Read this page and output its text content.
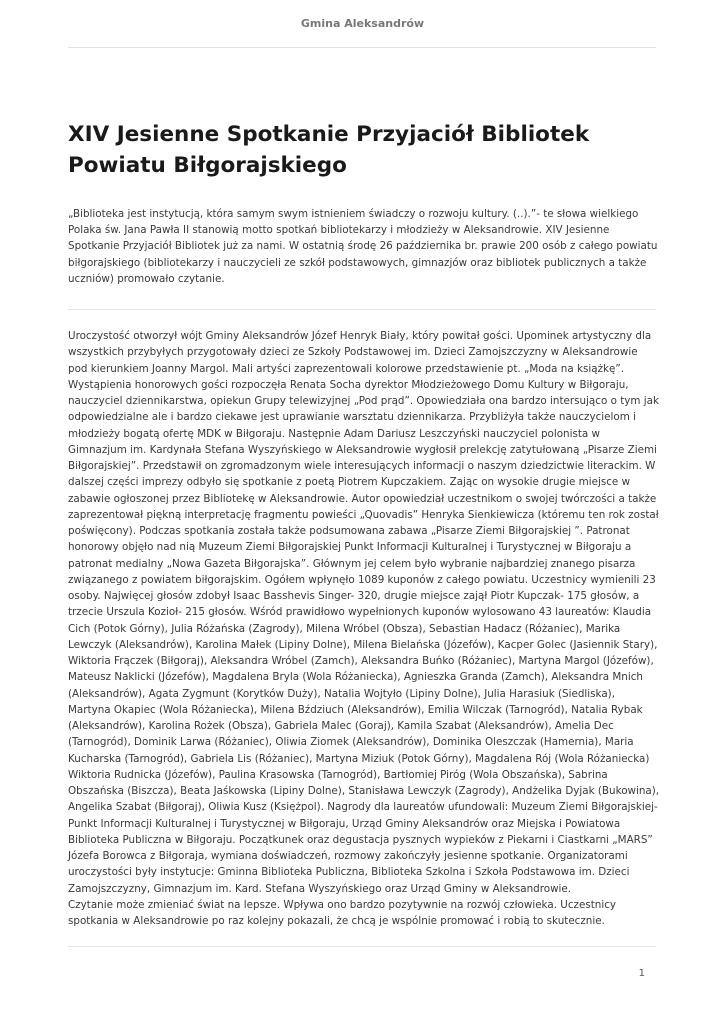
Gmina Aleksandrów
XIV Jesienne Spotkanie Przyjaciół Bibliotek Powiatu Biłgorajskiego

„Biblioteka jest instytucją, która samym swym istnieniem świadczy o rozwoju kultury. (..).”- te słowa wielkiego Polaka św. Jana Pawła II stanowią motto spotkań bibliotekarzy i młodzieży w Aleksandrowie. XIV Jesienne Spotkanie Przyjaciół Bibliotek już za nami. W ostatnią środę 26 października br. prawie 200 osób z całego powiatu biłgorajskiego (bibliotekarzy i nauczycieli ze szkół podstawowych, gimnazjów oraz bibliotek publicznych a także uczniów) promowało czytanie.

Uroczystość otworzył wójt Gminy Aleksandrów Józef Henryk Biały, który powitał gości. Upominek artystyczny dla wszystkich przybyłych przygotowały dzieci ze Szkoły Podstawowej im. Dzieci Zamojszczyzny w Aleksandrowie pod kierunkiem Joanny Margol. Mali artyści zaprezentowali kolorowe przedstawienie pt. „Moda na książkę”. Wystąpienia honorowych gości rozpoczęła Renata Socha dyrektor Młodzieżowego Domu Kultury w Biłgoraju, nauczyciel dziennikarstwa, opiekun Grupy telewizyjnej „Pod prąd”. Opowiedziała ona bardzo intersująco o tym jak odpowiedzialne ale i bardzo ciekawe jest uprawianie warsztatu dziennikarza. Przybliżyła także nauczycielom i młodzieży bogatą ofertę MDK w Biłgoraju. Następnie Adam Dariusz Leszczyński nauczyciel polonista w Gimnazjum im. Kardynała Stefana Wyszyńskiego w Aleksandrowie wygłosił prelekcję zatytułowaną „Pisarze Ziemi Biłgorajskiej”. Przedstawił on zgromadzonym wiele interesujących informacji o naszym dziedzictwie literackim. W dalszej części imprezy odbyło się spotkanie z poetą Piotrem Kupczakiem. Zając on wysokie drugie miejsce w zabawie ogłoszonej przez Bibliotekę w Aleksandrowie. Autor opowiedział uczestnikom o swojej twórczości a także zaprezentował piękną interpretację fragmentu powieści „Quovadis” Henryka Sienkiewicza (któremu ten rok został poświęcony). Podczas spotkania została także podsumowana zabawa „Pisarze Ziemi Biłgorajskiej ”. Patronat honorowy objęło nad nią Muzeum Ziemi Biłgorajskiej Punkt Informacji Kulturalnej i Turystycznej w Biłgoraju a patronat medialny „Nowa Gazeta Biłgorajska”. Głównym jej celem było wybranie najbardziej znanego pisarza związanego z powiatem biłgorajskim. Ogółem wpłynęło 1089 kuponów z całego powiatu. Uczestnicy wymienili 23 osoby. Najwięcej głosów zdobył Isaac Basshevis Singer- 320, drugie miejsce zajął Piotr Kupczak- 175 głosów, a trzecie Urszula Kozioł- 215 głosów. Wśród prawidłowo wypełnionych kuponów wylosowano 43 laureatów: Klaudia Cich (Potok Górny), Julia Różańska (Zagrody), Milena Wróbel (Obsza), Sebastian Hadacz (Różaniec), Marika Lewczyk (Aleksandrów), Karolina Małek (Lipiny Dolne), Milena Bielańska (Józefów), Kacper Golec (Jasiennik Stary), Wiktoria Frączek (Biłgoraj), Aleksandra Wróbel (Zamch), Aleksandra Buńko (Różaniec), Martyna Margol (Józefów), Mateusz Naklicki (Józefów), Magdalena Bryla (Wola Różaniecka), Agnieszka Granda (Zamch), Aleksandra Mnich (Aleksandrów), Agata Zygmunt (Korytków Duży), Natalia Wojtyło (Lipiny Dolne), Julia Harasiuk (Siedliska), Martyna Okapiec (Wola Różaniecka), Milena Bździuch (Aleksandrów), Emilia Wilczak (Tarnogród), Natalia Rybak (Aleksandrów), Karolina Rożek (Obsza), Gabriela Malec (Goraj), Kamila Szabat (Aleksandrów), Amelia Dec (Tarnogród), Dominik Larwa (Różaniec), Oliwia Ziomek (Aleksandrów), Dominika Oleszczak (Hamernia), Maria Kucharska (Tarnogród), Gabriela Lis (Różaniec), Martyna Miziuk (Potok Górny), Magdalena Rój (Wola Różaniecka) Wiktoria Rudnicka (Józefów), Paulina Krasowska (Tarnogród), Bartłomiej Piróg (Wola Obszańska), Sabrina Obszańska (Biszcza), Beata Jaśkowska (Lipiny Dolne), Stanisława Lewczyk (Zagrody), Andżelika Dyjak (Bukowina), Angelika Szabat (Biłgoraj), Oliwia Kusz (Księżpol). Nagrody dla laureatów ufundowali: Muzeum Ziemi Biłgorajskiej- Punkt Informacji Kulturalnej i Turystycznej w Biłgoraju, Urząd Gminy Aleksandrów oraz Miejska i Powiatowa Biblioteka Publiczna w Biłgoraju. Początkunek oraz degustacja pysznych wypieków z Piekarni i Ciastkarni „MARS” Józefa Borowca z Biłgoraja, wymiana doświadczeń, rozmowy zakończyły jesienne spotkanie. Organizatorami uroczystości były instytucje: Gminna Biblioteka Publiczna, Biblioteka Szkolna i Szkoła Podstawowa im. Dzieci Zamojszczyzny, Gimnazjum im. Kard. Stefana Wyszyńskiego oraz Urząd Gminy w Aleksandrowie.

Czytanie może zmieniać świat na lepsze. Wpływa ono bardzo pozytywnie na rozwój człowieka. Uczestnicy spotkania w Aleksandrowie po raz kolejny pokazali, że chcą je wspólnie promować i robią to skutecznie.

1
